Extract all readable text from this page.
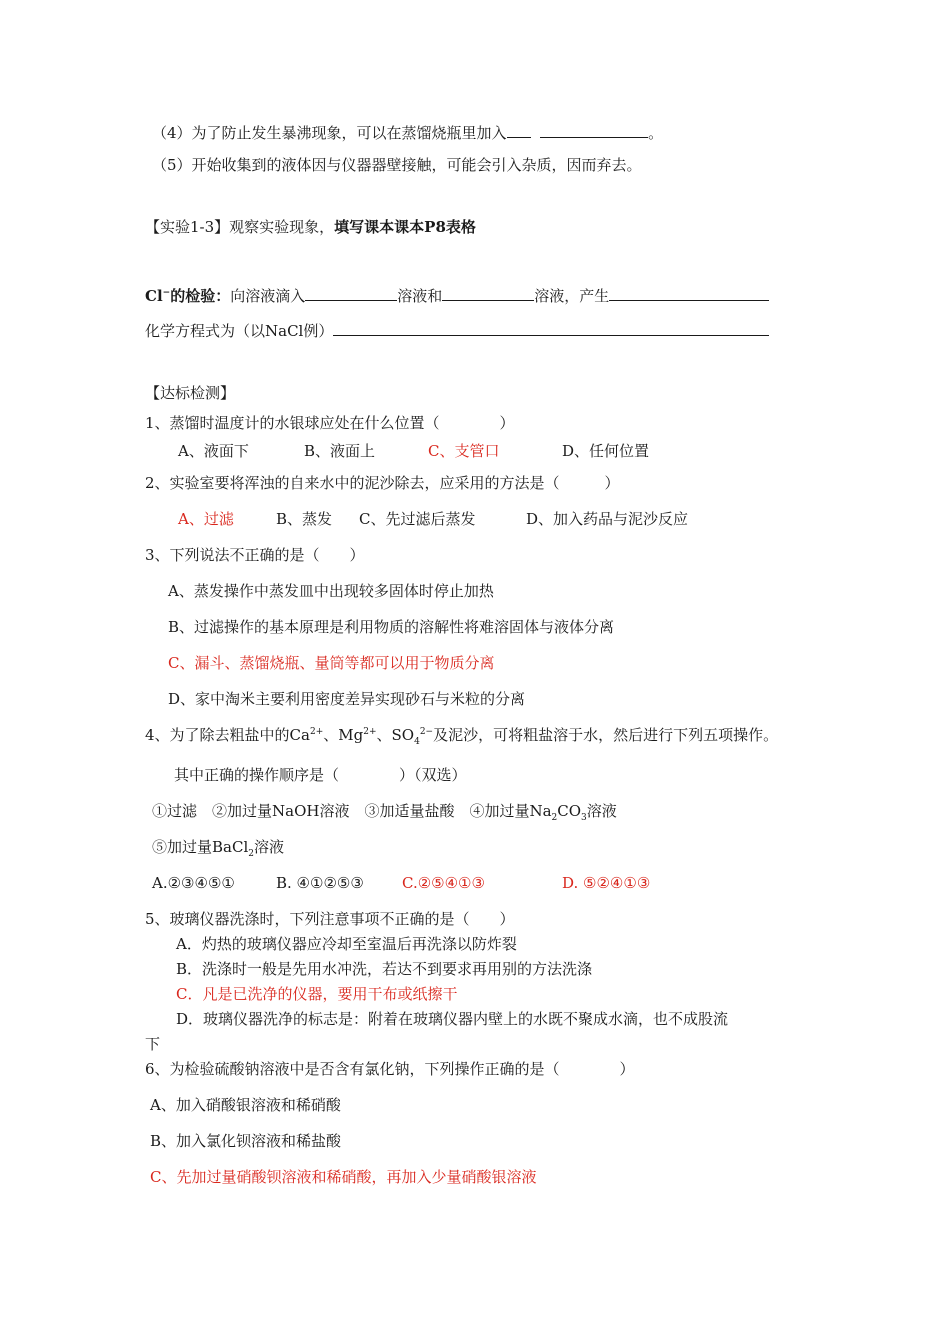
（4）为了防止发生暴沸现象，可以在蒸馏烧瓶里加入	。
（5）开始收集到的液体因与仪器器壁接触，可能会引入杂质，因而弃去。
【实验1-3】观察实验现象，填写课本课本P8表格
Cl−的检验：向溶液滴入	溶液和	溶液，产生
化学方程式为（以NaCl例）
【达标检测】
1、蒸馏时温度计的水银球应处在什么位置（　　　　）
A、液面下	B、液面上	C、支管口	D、任何位置
2、实验室要将浑浊的自来水中的泥沙除去，应采用的方法是（　　　）
A、过滤	B、蒸发 C、先过滤后蒸发	D、加入药品与泥沙反应
3、下列说法不正确的是（　　）
A、蒸发操作中蒸发皿中出现较多固体时停止加热
B、过滤操作的基本原理是利用物质的溶解性将难溶固体与液体分离
C、漏斗、蒸馏烧瓶、量筒等都可以用于物质分离
D、家中淘米主要利用密度差异实现砂石与米粒的分离
4、为了除去粗盐中的$Ca^{2+}$、$Mg^{2+}$、$SO_4^{2-}$及泥沙，可将粗盐溶于水，然后进行下列五项操作。
其中正确的操作顺序是（　　　　）（双选）
①过滤　②加过量NaOH溶液　③加适量盐酸　④加过量$Na_2CO_3$溶液
⑤加过量BaCl$_2$溶液
A.②③④⑤①	B. ④①②⑤③	C.②⑤④①③	D. ⑤②④①③
5、玻璃仪器洗涤时，下列注意事项不正确的是（　　）
A．灼热的玻璃仪器应冷却至室温后再洗涤以防炸裂
B．洗涤时一般是先用水冲洗，若达不到要求再用别的方法洗涤
C．凡是已洗净的仪器，要用干布或纸擦干
D．玻璃仪器洗净的标志是：附着在玻璃仪器内壁上的水既不聚成水滴，也不成股流
下
6、为检验硫酸钠溶液中是否含有氯化钠，下列操作正确的是（　　　　）
A、加入硝酸银溶液和稀硝酸
B、加入氯化钡溶液和稀盐酸
C、先加过量硝酸钡溶液和稀硝酸，再加入少量硝酸银溶液
